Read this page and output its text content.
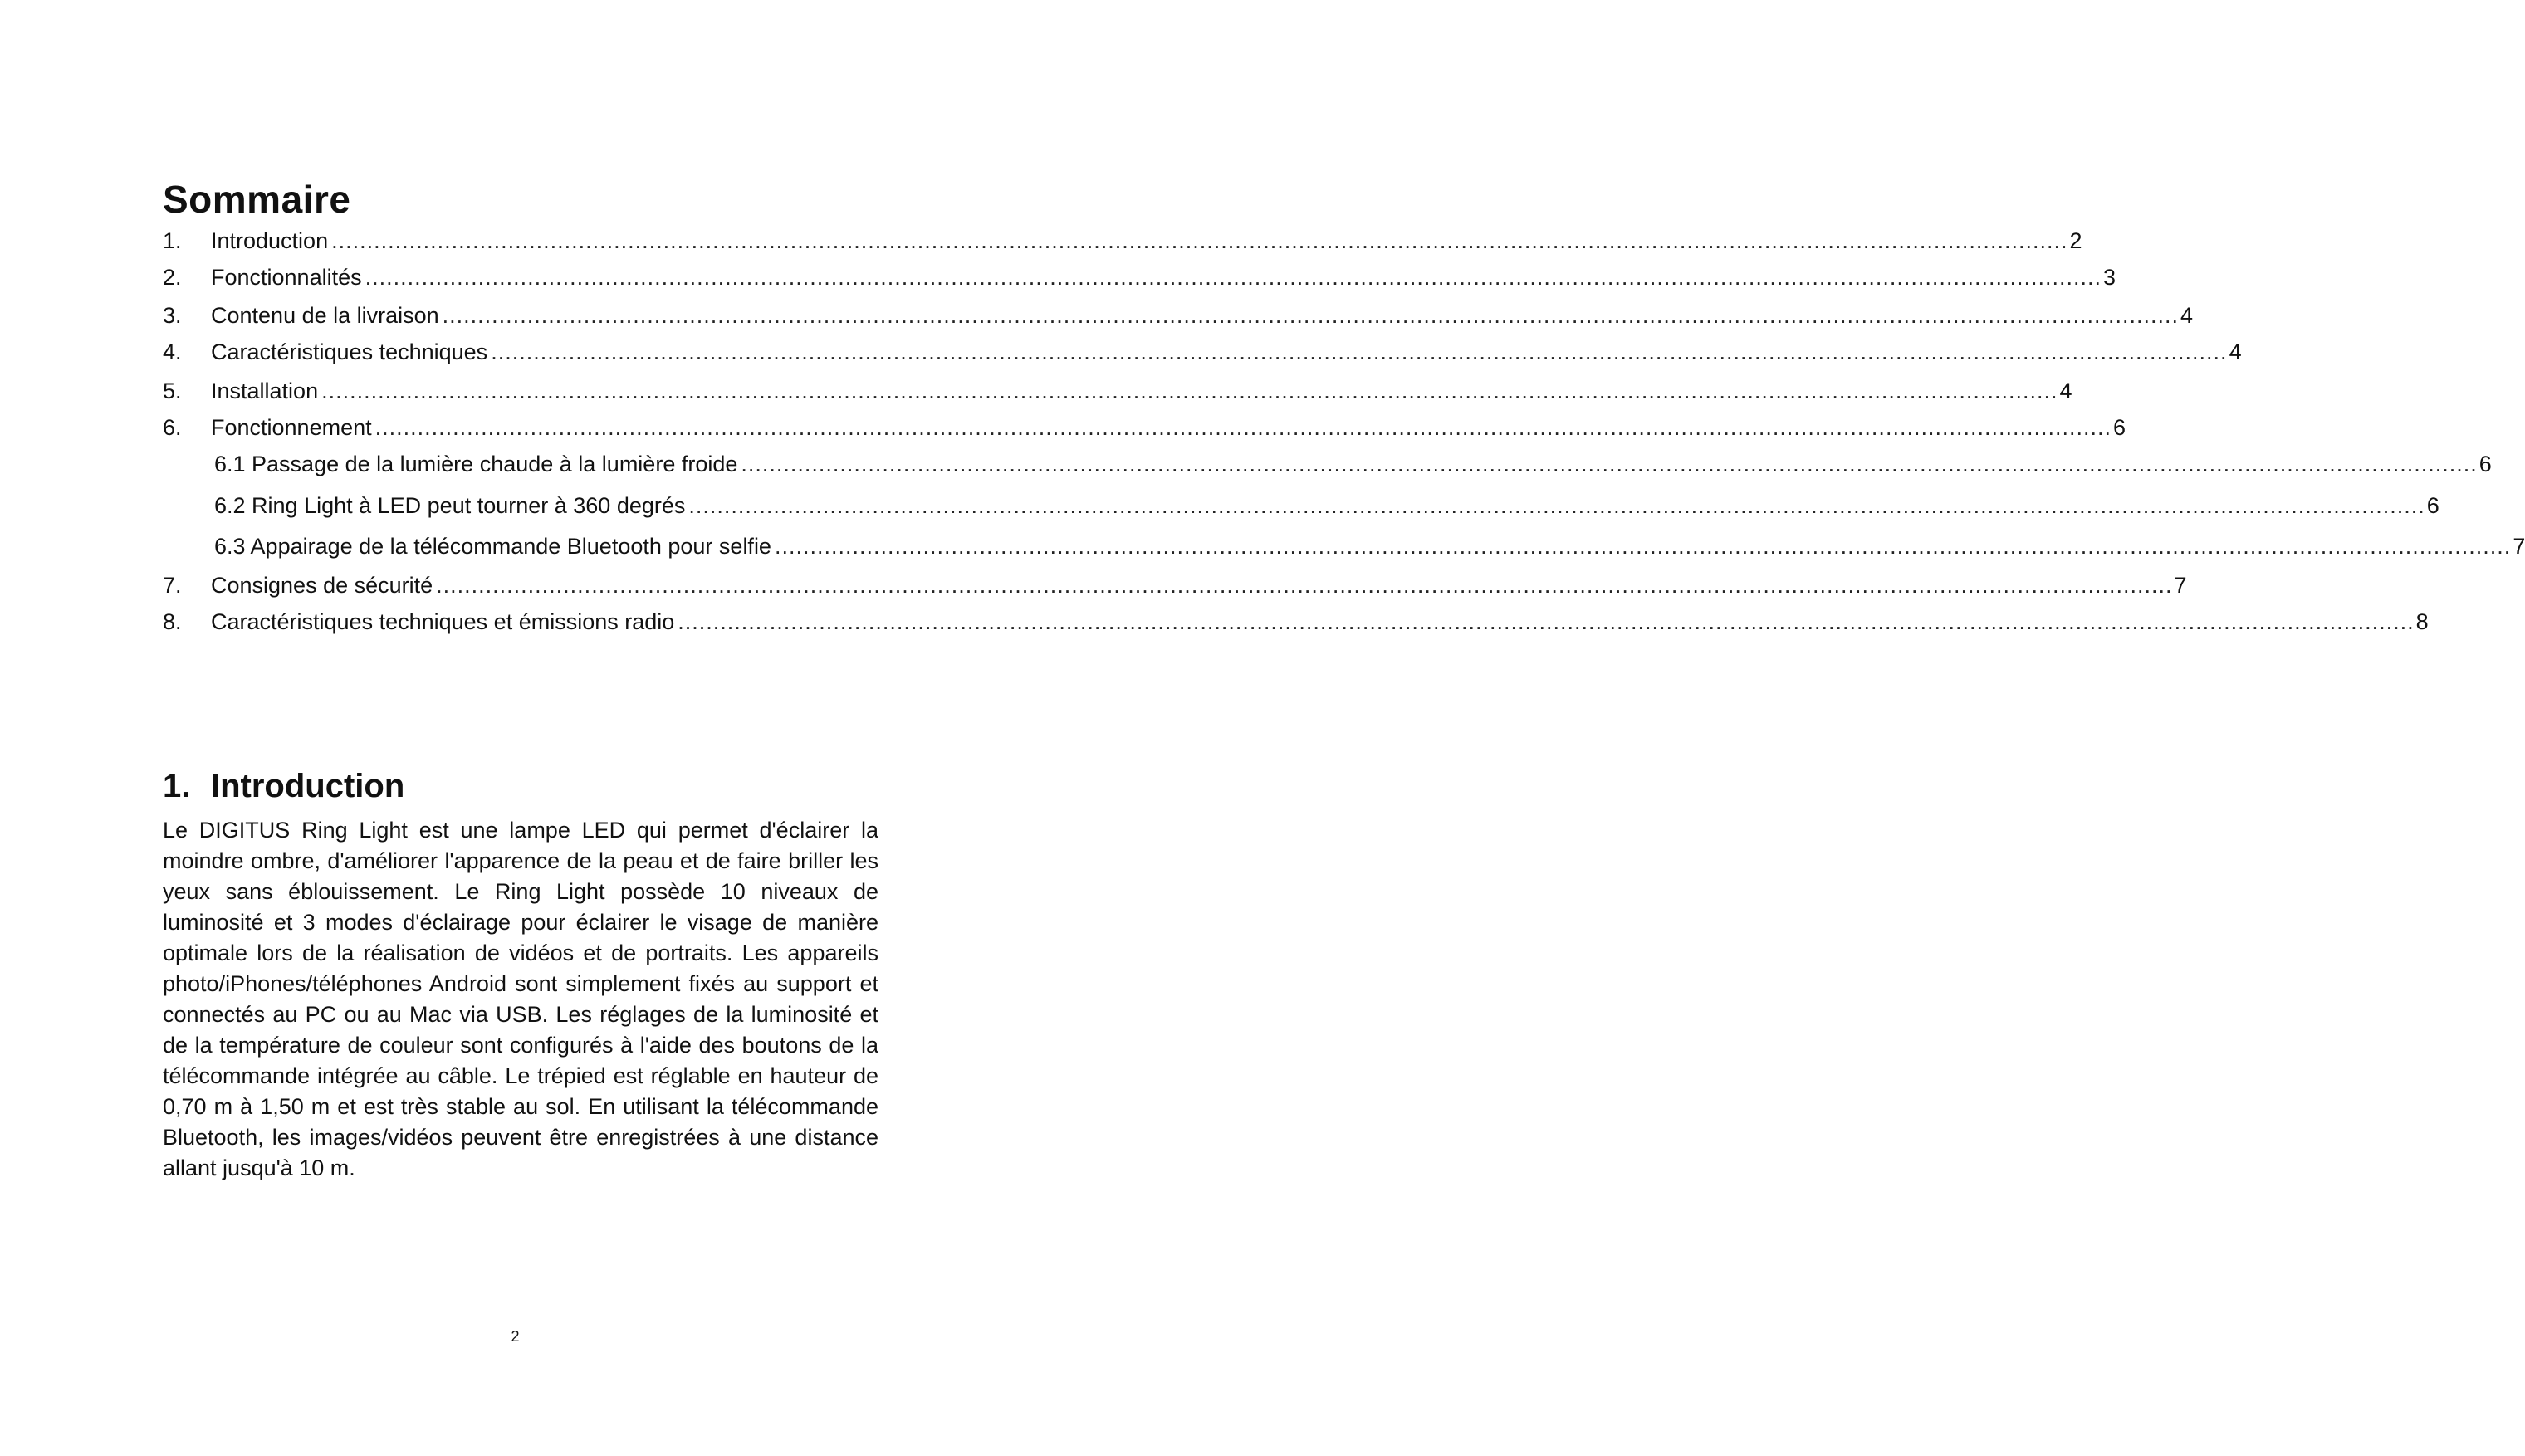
Sommaire
1.	Introduction .....	2
2.	Fonctionnalités .....	3
3.	Contenu de la livraison .....	4
4.	Caractéristiques techniques .....	4
5.	Installation .....	4
6.	Fonctionnement .....	6
6.1 Passage de la lumière chaude à la lumière froide .....	6
6.2 Ring Light à LED peut tourner à 360 degrés .....	6
6.3 Appairage de la télécommande Bluetooth pour selfie .....	7
7.	Consignes de sécurité .....	7
8.	Caractéristiques techniques et émissions radio .....	8
1. Introduction

Le DIGITUS Ring Light est une lampe LED qui permet d'éclairer la moindre ombre, d'améliorer l'apparence de la peau et de faire briller les yeux sans éblouissement. Le Ring Light possède 10 niveaux de luminosité et 3 modes d'éclairage pour éclairer le visage de manière optimale lors de la réalisation de vidéos et de portraits. Les appareils photo/iPhones/téléphones Android sont simplement fixés au support et connectés au PC ou au Mac via USB. Les réglages de la luminosité et de la température de couleur sont configurés à l'aide des boutons de la télécommande intégrée au câble. Le trépied est réglable en hauteur de 0,70 m à 1,50 m et est très stable au sol. En utilisant la télécommande Bluetooth, les images/vidéos peuvent être enregistrées à une distance allant jusqu'à 10 m.

2
